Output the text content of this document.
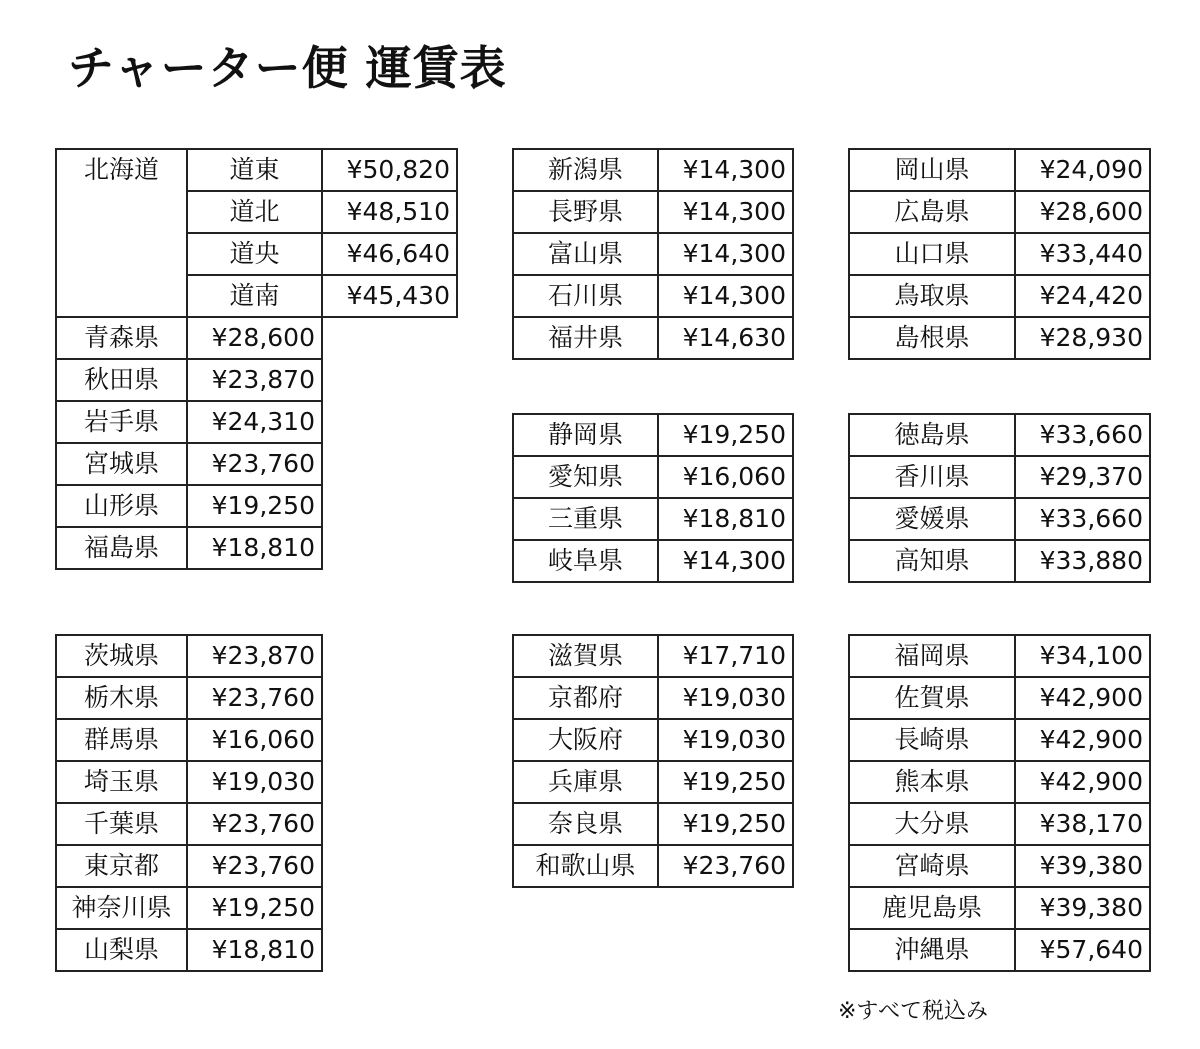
チャーター便 運賃表
北海道	道東	¥50,820
	道北	¥48,510
	道央	¥46,640
	道南	¥45,430
青森県	¥28,600	
秋田県	¥23,870	
岩手県	¥24,310	
宮城県	¥23,760	
山形県	¥19,250	
福島県	¥18,810	
茨城県	¥23,870
栃木県	¥23,760
群馬県	¥16,060
埼玉県	¥19,030
千葉県	¥23,760
東京都	¥23,760
神奈川県	¥19,250
山梨県	¥18,810
新潟県	¥14,300
長野県	¥14,300
富山県	¥14,300
石川県	¥14,300
福井県	¥14,630
静岡県	¥19,250
愛知県	¥16,060
三重県	¥18,810
岐阜県	¥14,300
滋賀県	¥17,710
京都府	¥19,030
大阪府	¥19,030
兵庫県	¥19,250
奈良県	¥19,250
和歌山県	¥23,760
岡山県	¥24,090
広島県	¥28,600
山口県	¥33,440
鳥取県	¥24,420
島根県	¥28,930
徳島県	¥33,660
香川県	¥29,370
愛媛県	¥33,660
高知県	¥33,880
福岡県	¥34,100
佐賀県	¥42,900
長崎県	¥42,900
熊本県	¥42,900
大分県	¥38,170
宮崎県	¥39,380
鹿児島県	¥39,380
沖縄県	¥57,640
※すべて税込み
